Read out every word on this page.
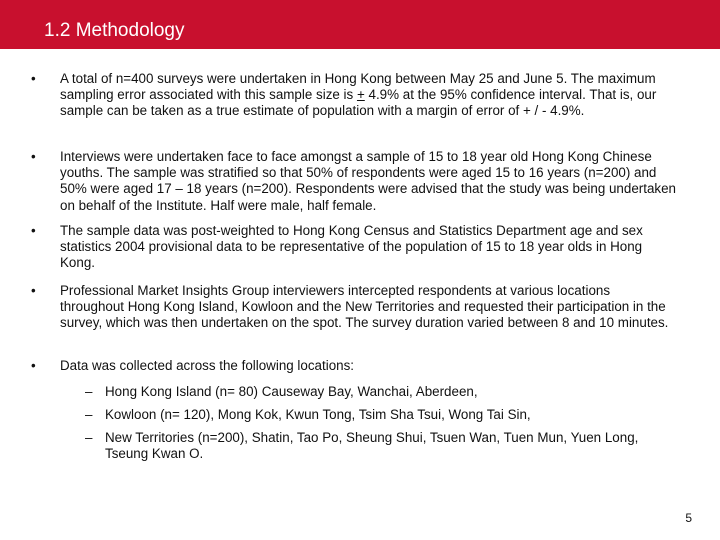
1.2 Methodology
•	A total of n=400 surveys were undertaken in Hong Kong between May 25 and June 5. The maximum sampling error associated with this sample size is + 4.9% at the 95% confidence interval. That is, our sample can be taken as a true estimate of population with a margin of error of + / - 4.9%.
•	Interviews were undertaken face to face amongst a sample of 15 to 18 year old Hong Kong Chinese youths. The sample was stratified so that 50% of respondents were aged 15 to 16 years (n=200) and 50% were aged 17 – 18 years (n=200). Respondents were advised that the study was being undertaken on behalf of the Institute. Half were male, half female.
•	The sample data was post-weighted to Hong Kong Census and Statistics Department age and sex statistics 2004 provisional data to be representative of the population of 15 to 18 year olds in Hong Kong.
•	Professional Market Insights Group interviewers intercepted respondents at various locations throughout Hong Kong Island, Kowloon and the New Territories and requested their participation in the survey, which was then undertaken on the spot. The survey duration varied between 8 and 10 minutes.
•	Data was collected across the following locations:
– Hong Kong Island (n= 80) Causeway Bay, Wanchai, Aberdeen,
– Kowloon (n= 120), Mong Kok, Kwun Tong, Tsim Sha Tsui, Wong Tai Sin,
– New Territories (n=200), Shatin, Tao Po, Sheung Shui, Tsuen Wan, Tuen Mun, Yuen Long, Tseung Kwan O.
5
